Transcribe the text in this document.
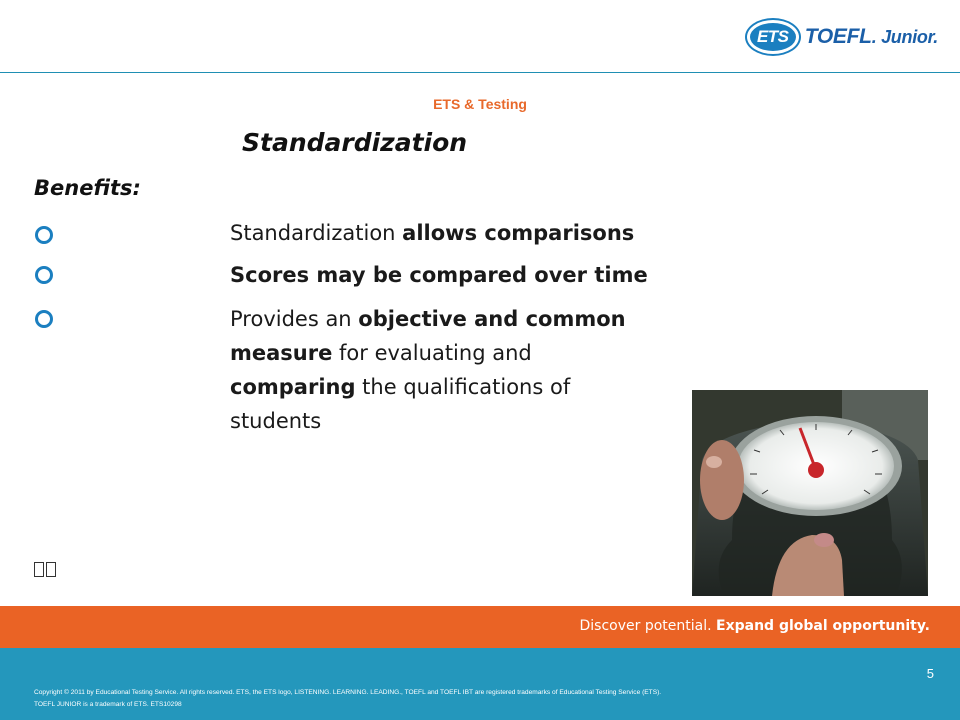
ETS TOEFL. Junior.
ETS & Testing
Standardization
Benefits:
Standardization allows comparisons
Scores may be compared over time
Provides an objective and common
measure for evaluating and
comparing the qualifications of
students
Discover potential. Expand global opportunity.
5
Copyright © 2011 by Educational Testing Service. All rights reserved. ETS, the ETS logo, LISTENING. LEARNING. LEADING., TOEFL and TOEFL IBT are registered trademarks of Educational Testing Service (ETS).
TOEFL JUNIOR is a trademark of ETS. ETS10298
